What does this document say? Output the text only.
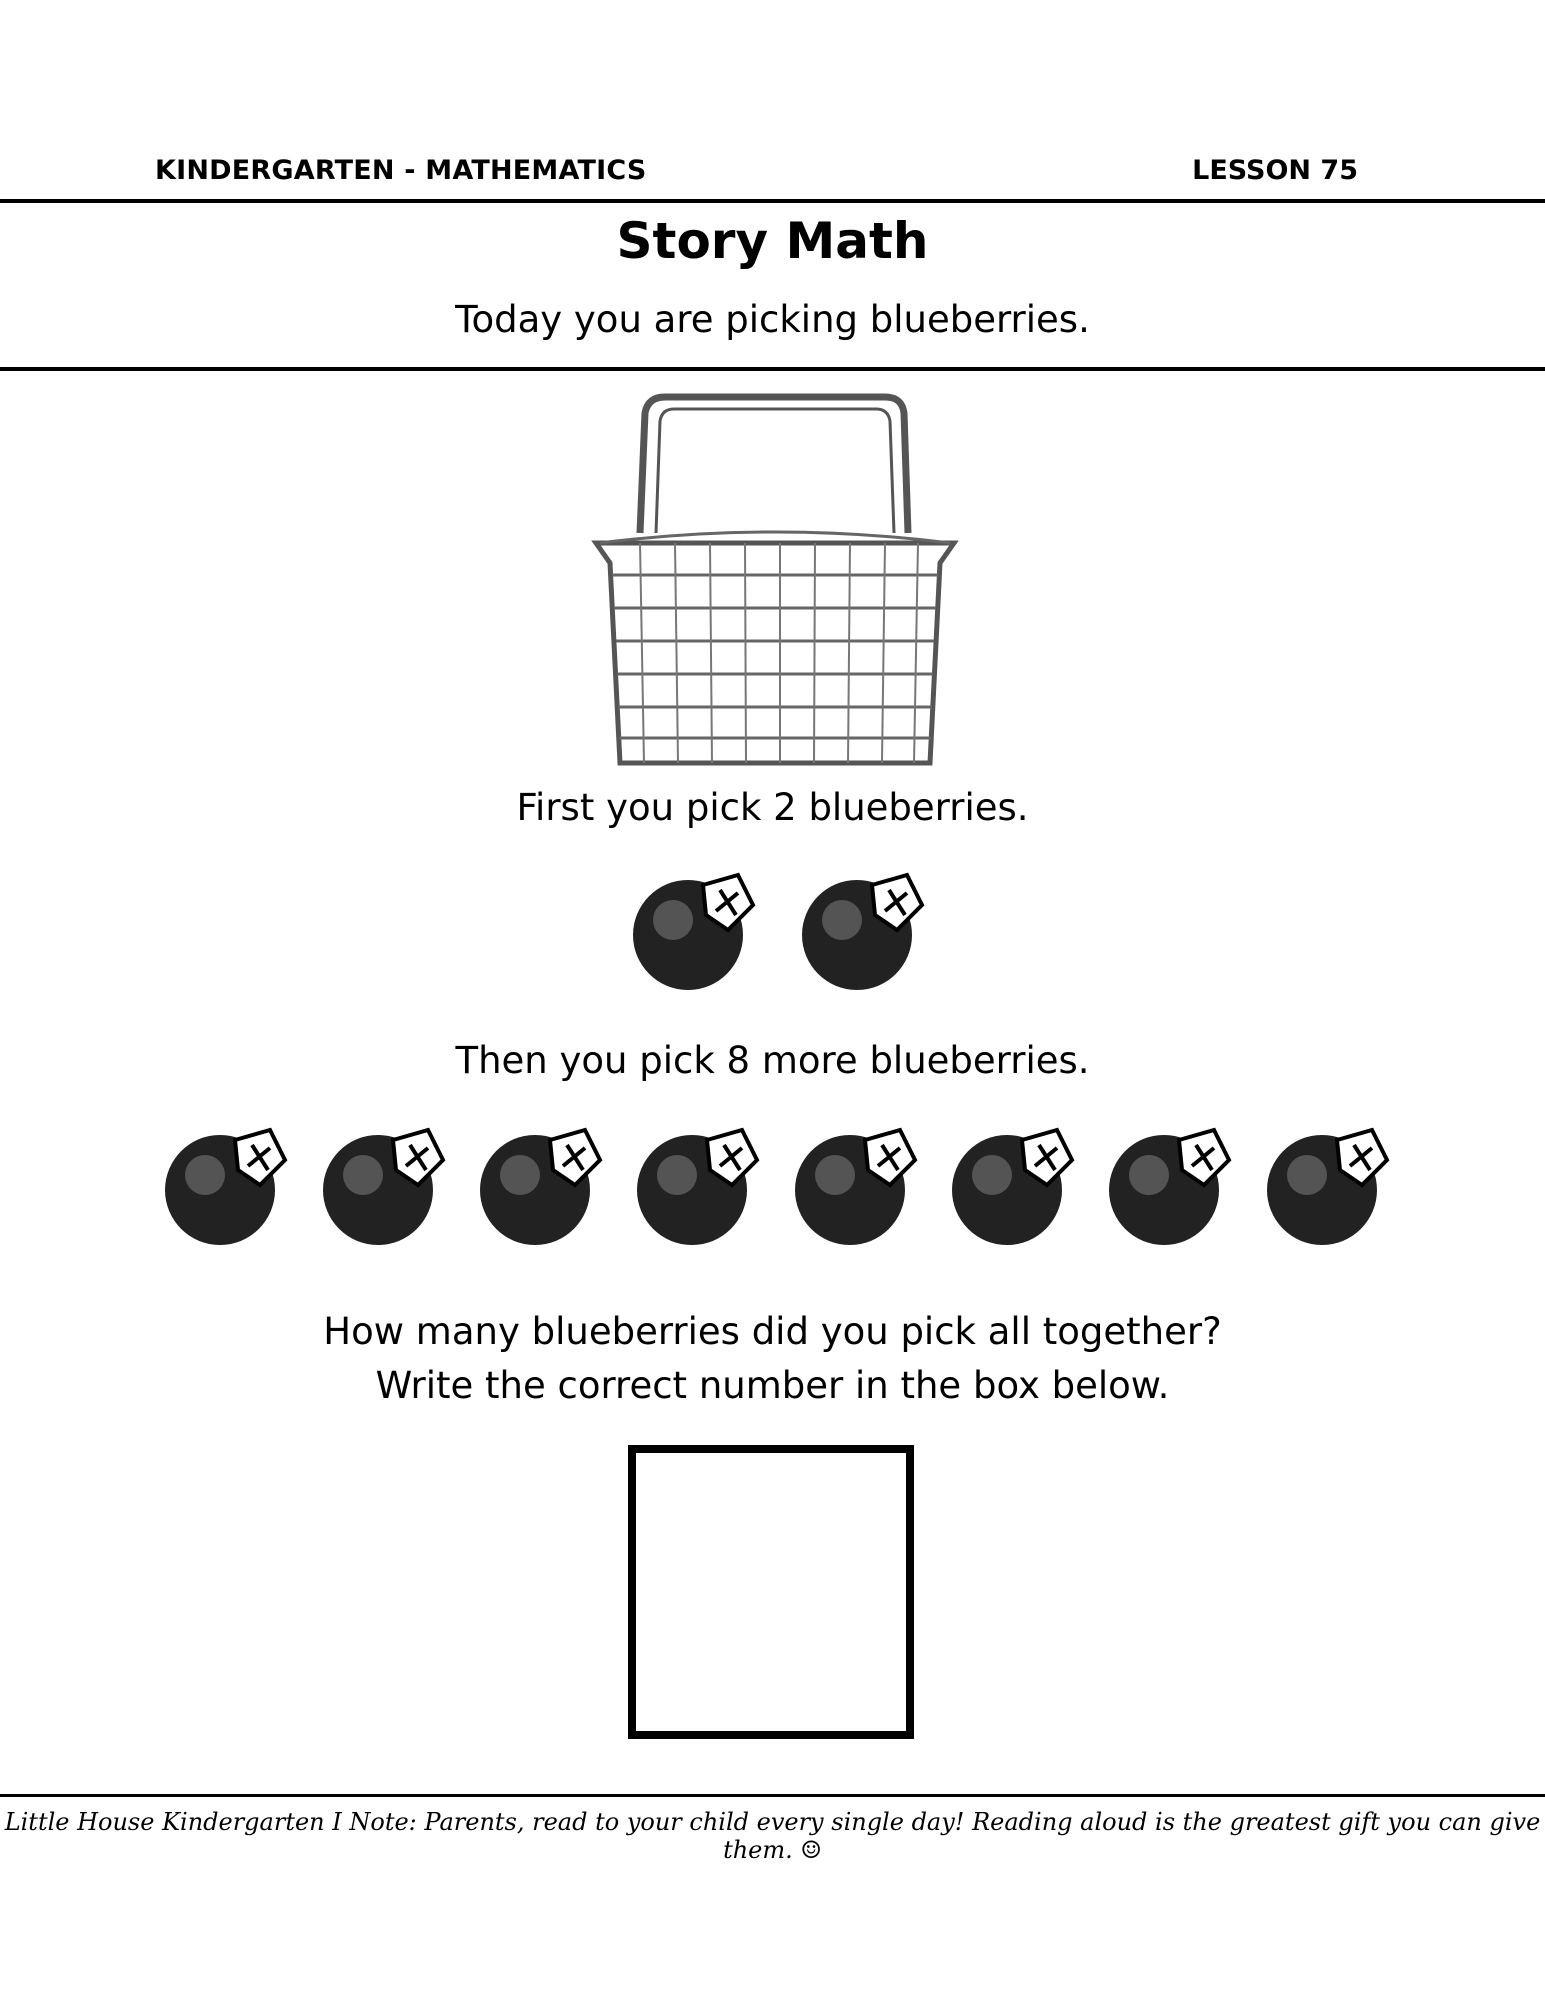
KINDERGARTEN - MATHEMATICS	LESSON 75
Story Math
Today you are picking blueberries.
First you pick 2 blueberries.
Then you pick 8 more blueberries.
How many blueberries did you pick all together?
Write the correct number in the box below.
Little House Kindergarten I Note: Parents, read to your child every single day! Reading aloud is the greatest gift you can give them. ☺
